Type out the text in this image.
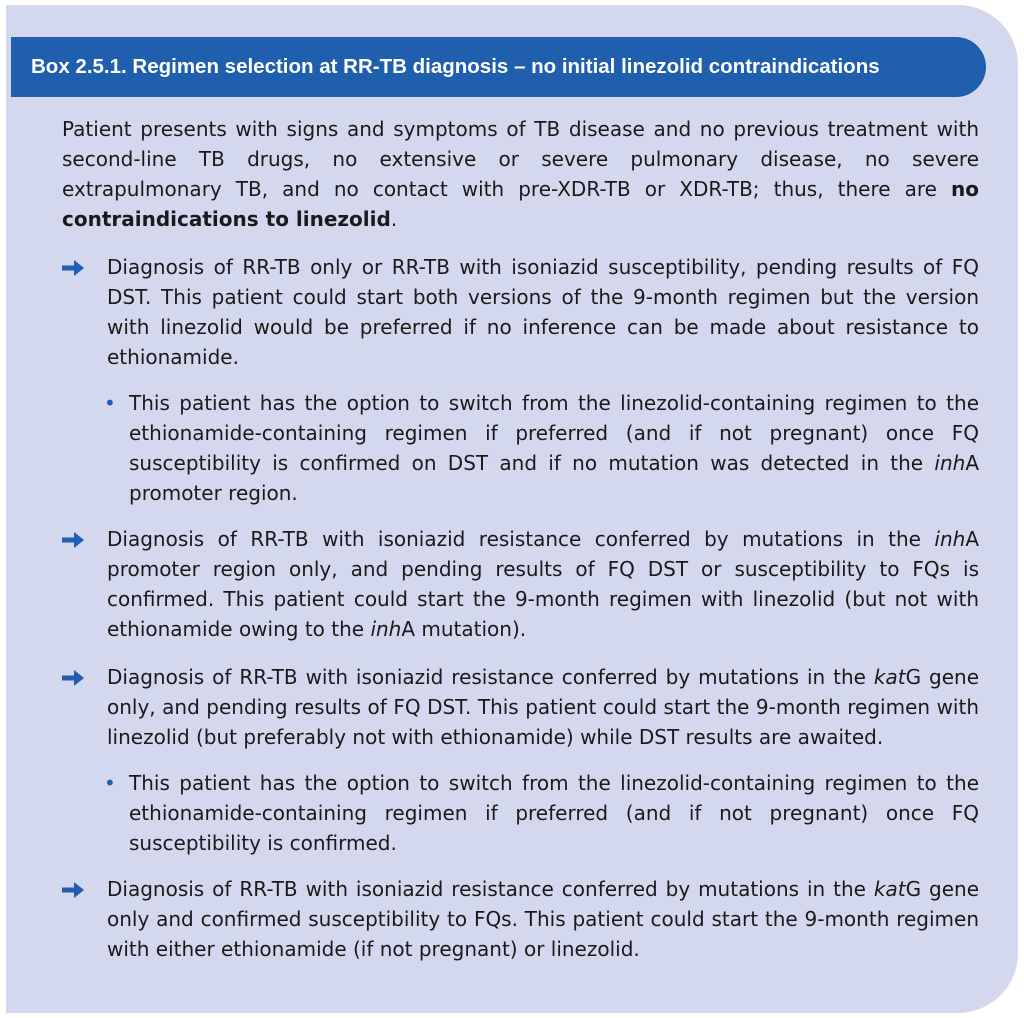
Box 2.5.1. Regimen selection at RR-TB diagnosis – no initial linezolid contraindications

Patient presents with signs and symptoms of TB disease and no previous treatment with second-line TB drugs, no extensive or severe pulmonary disease, no severe extrapulmonary TB, and no contact with pre-XDR-TB or XDR-TB; thus, there are no contraindications to linezolid.

Diagnosis of RR-TB only or RR-TB with isoniazid susceptibility, pending results of FQ DST. This patient could start both versions of the 9-month regimen but the version with linezolid would be preferred if no inference can be made about resistance to ethionamide.
• This patient has the option to switch from the linezolid-containing regimen to the ethionamide-containing regimen if preferred (and if not pregnant) once FQ susceptibility is confirmed on DST and if no mutation was detected in the inhA promoter region.
Diagnosis of RR-TB with isoniazid resistance conferred by mutations in the inhA promoter region only, and pending results of FQ DST or susceptibility to FQs is confirmed. This patient could start the 9-month regimen with linezolid (but not with ethionamide owing to the inhA mutation).
Diagnosis of RR-TB with isoniazid resistance conferred by mutations in the katG gene only, and pending results of FQ DST. This patient could start the 9-month regimen with linezolid (but preferably not with ethionamide) while DST results are awaited.
• This patient has the option to switch from the linezolid-containing regimen to the ethionamide-containing regimen if preferred (and if not pregnant) once FQ susceptibility is confirmed.
Diagnosis of RR-TB with isoniazid resistance conferred by mutations in the katG gene only and confirmed susceptibility to FQs. This patient could start the 9-month regimen with either ethionamide (if not pregnant) or linezolid.
